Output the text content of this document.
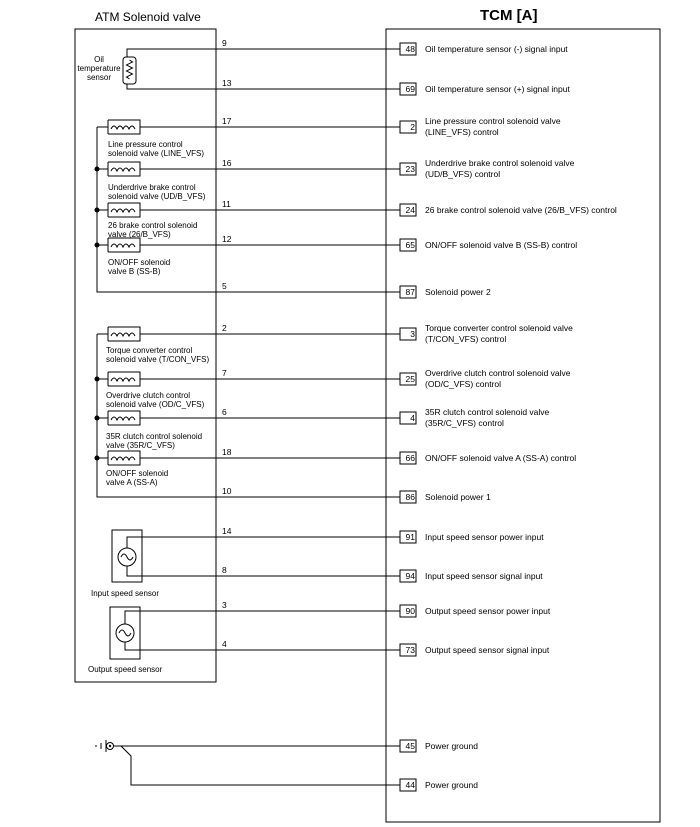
ATM Solenoid valve	TCM [A]
9
48 Oil temperature sensor (-) signal input
13
69 Oil temperature sensor (+) signal input
17
2
Line pressure control solenoid valve
(LINE_VFS) control
16
23
Underdrive brake control solenoid valve
(UD/B_VFS) control
11
24 26 brake control solenoid valve (26/B_VFS) control
12
65 ON/OFF solenoid valve B (SS-B) control
5
87 Solenoid power 2
2
3
Torque converter control solenoid valve
(T/CON_VFS) control
7
25
Overdrive clutch control solenoid valve
(OD/C_VFS) control
6
4
35R clutch control solenoid valve
(35R/C_VFS) control
18
66 ON/OFF solenoid valve A (SS-A) control
10
86 Solenoid power 1
14
91 Input speed sensor power input
8
94 Input speed sensor signal input
3
90 Output speed sensor power input
4
73 Output speed sensor signal input
45 Power ground
44 Power ground
Oil
temperature
sensor
Line pressure control
solenoid valve (LINE_VFS)
Underdrive brake control
solenoid valve (UD/B_VFS)
26 brake control solenoid
valve (26/B_VFS)
ON/OFF solenoid
valve B (SS-B)
Torque converter control
solenoid valve (T/CON_VFS)
Overdrive clutch control
solenoid valve (OD/C_VFS)
35R clutch control solenoid
valve (35R/C_VFS)
ON/OFF solenoid
valve A (SS-A)
Input speed sensor
Output speed sensor
